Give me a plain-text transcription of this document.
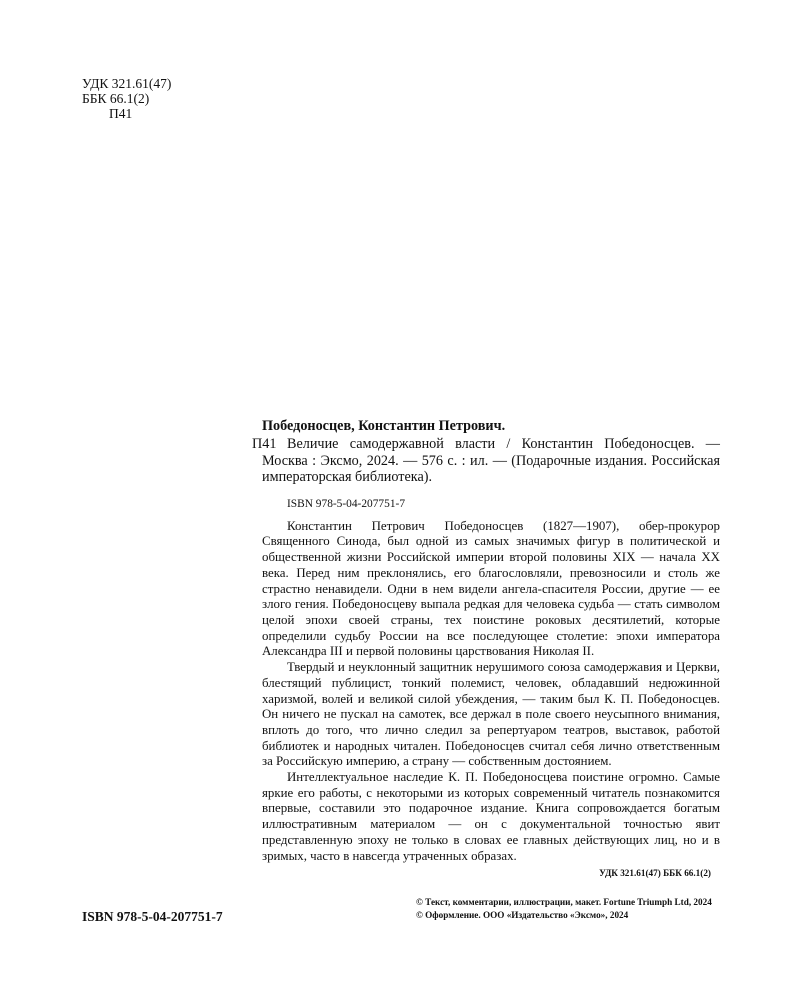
УДК 321.61(47)
ББК 66.1(2)
П41
Победоносцев, Константин Петрович.
П41 Величие самодержавной власти / Константин Победоносцев. — Москва : Эксмо, 2024. — 576 с. : ил. — (Подарочные издания. Российская императорская библиотека).
ISBN 978-5-04-207751-7

Константин Петрович Победоносцев (1827—1907), обер-прокурор Священного Синода, был одной из самых значимых фигур в политической и общественной жизни Российской империи второй половины XIX — начала XX века. Перед ним преклонялись, его благословляли, превозносили и столь же страстно ненавидели. Одни в нем видели ангела-спасителя России, другие — ее злого гения. Победоносцеву выпала редкая для человека судьба — стать символом целой эпохи своей страны, тех поистине роковых десятилетий, которые определили судьбу России на все последующее столетие: эпохи императора Александра III и первой половины царствования Николая II.

Твердый и неуклонный защитник нерушимого союза самодержавия и Церкви, блестящий публицист, тонкий полемист, человек, обладавший недюжинной харизмой, волей и великой силой убеждения, — таким был К. П. Победоносцев. Он ничего не пускал на самотек, все держал в поле своего неусыпного внимания, вплоть до того, что лично следил за репертуаром театров, выставок, работой библиотек и народных читален. Победоносцев считал себя лично ответственным за Российскую империю, а страну — собственным достоянием.

Интеллектуальное наследие К. П. Победоносцева поистине огромно. Самые яркие его работы, с некоторыми из которых современный читатель познакомится впервые, составили это подарочное издание. Книга сопровождается богатым иллюстративным материалом — он с документальной точностью явит представленную эпоху не только в словах ее главных действующих лиц, но и в зримых, часто в навсегда утраченных образах.

УДК 321.61(47) ББК 66.1(2)
ISBN 978-5-04-207751-7
© Текст, комментарии, иллюстрации, макет. Fortune Triumph Ltd, 2024
© Оформление. ООО «Издательство «Эксмо», 2024
